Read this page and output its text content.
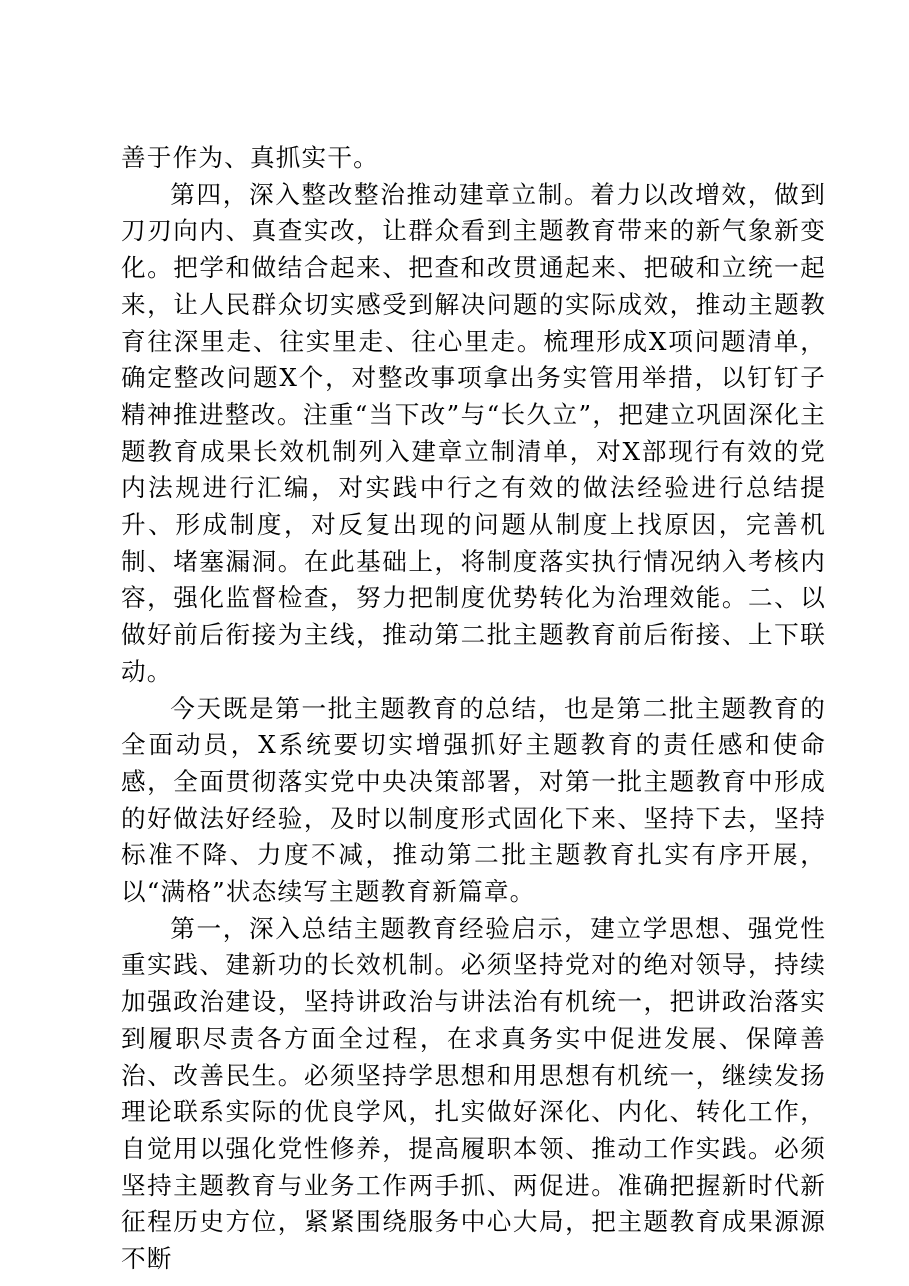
善于作为、真抓实干。

第四，深入整改整治推动建章立制。着力以改增效，做到刀刃向内、真查实改，让群众看到主题教育带来的新气象新变化。把学和做结合起来、把查和改贯通起来、把破和立统一起来，让人民群众切实感受到解决问题的实际成效，推动主题教育往深里走、往实里走、往心里走。梳理形成X项问题清单，确定整改问题X个，对整改事项拿出务实管用举措，以钉钉子精神推进整改。注重“当下改”与“长久立”，把建立巩固深化主题教育成果长效机制列入建章立制清单，对X部现行有效的党内法规进行汇编，对实践中行之有效的做法经验进行总结提升、形成制度，对反复出现的问题从制度上找原因，完善机制、堵塞漏洞。在此基础上，将制度落实执行情况纳入考核内容，强化监督检查，努力把制度优势转化为治理效能。二、以做好前后衔接为主线，推动第二批主题教育前后衔接、上下联动。

今天既是第一批主题教育的总结，也是第二批主题教育的全面动员，X系统要切实增强抓好主题教育的责任感和使命感，全面贯彻落实党中央决策部署，对第一批主题教育中形成的好做法好经验，及时以制度形式固化下来、坚持下去，坚持标准不降、力度不减，推动第二批主题教育扎实有序开展，以“满格”状态续写主题教育新篇章。

第一，深入总结主题教育经验启示，建立学思想、强党性重实践、建新功的长效机制。必须坚持党对的绝对领导，持续加强政治建设，坚持讲政治与讲法治有机统一，把讲政治落实到履职尽责各方面全过程，在求真务实中促进发展、保障善治、改善民生。必须坚持学思想和用思想有机统一，继续发扬理论联系实际的优良学风，扎实做好深化、内化、转化工作，自觉用以强化党性修养，提高履职本领、推动工作实践。必须坚持主题教育与业务工作两手抓、两促进。准确把握新时代新征程历史方位，紧紧围绕服务中心大局，把主题教育成果源源不断
